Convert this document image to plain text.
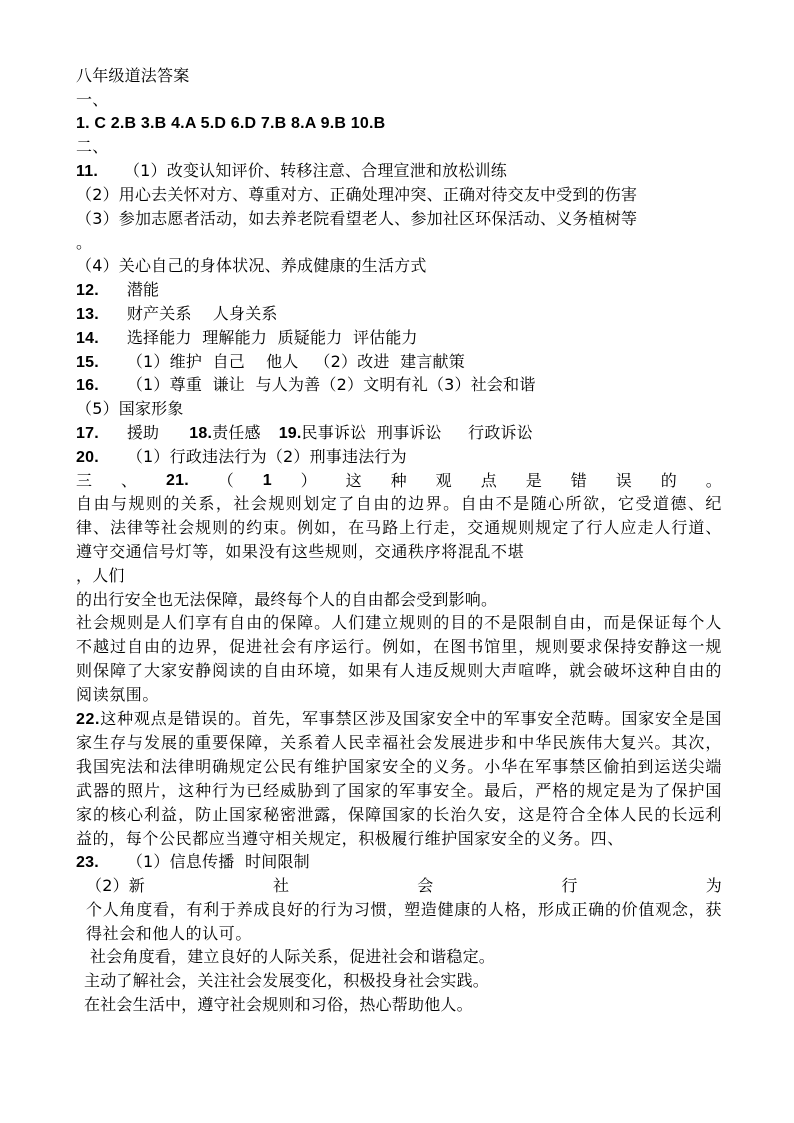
八年级道法答案
一、
1. C 2.B 3.B 4.A 5.D 6.D 7.B 8.A 9.B 10.B
二、
11. （1）改变认知评价、转移注意、合理宣泄和放松训练
（2）用心去关怀对方、尊重对方、正确处理冲突、正确对待交友中受到的伤害
（3）参加志愿者活动，如去养老院看望老人、参加社区环保活动、义务植树等
。
（4）关心自己的身体状况、养成健康的生活方式
12. 潜能
13. 财产关系    人身关系
14. 选择能力  理解能力  质疑能力  评估能力
15. （1）维护  自己    他人   （2）改进  建言献策
16. （1）尊重  谦让  与人为善（2）文明有礼（3）社会和谐
（5）国家形象
17. 援助 18.责任感 19.民事诉讼  刑事诉讼     行政诉讼
20. （1）行政违法行为（2）刑事违法行为
三 、 21. （ 1 ） 这 种 观 点 是 错 误 的 。
自由与规则的关系，社会规则划定了自由的边界。自由不是随心所欲，它受道德、纪律、法律等社会规则的约束。例如，在马路上行走，交通规则规定了行人应走人行道、遵守交通信号灯等，如果没有这些规则，交通秩序将混乱不堪
，人们
的出行安全也无法保障，最终每个人的自由都会受到影响。
社会规则是人们享有自由的保障。人们建立规则的目的不是限制自由，而是保证每个人不越过自由的边界，促进社会有序运行。例如，在图书馆里，规则要求保持安静这一规则保障了大家安静阅读的自由环境，如果有人违反规则大声喧哗，就会破坏这种自由的阅读氛围。
22.这种观点是错误的。首先，军事禁区涉及国家安全中的军事安全范畴。国家安全是国家生存与发展的重要保障，关系着人民幸福社会发展进步和中华民族伟大复兴。其次，我国宪法和法律明确规定公民有维护国家安全的义务。小华在军事禁区偷拍到运送尖端武器的照片，这种行为已经威胁到了国家的军事安全。最后，严格的规定是为了保护国家的核心利益，防止国家秘密泄露，保障国家的长治久安，这是符合全体人民的长远利益的，每个公民都应当遵守相关规定，积极履行维护国家安全的义务。四、
23. （1）信息传播  时间限制
（2）新	社	会	行	为
个人角度看，有利于养成良好的行为习惯，塑造健康的人格，形成正确的价值观念，获得社会和他人的认可。
社会角度看，建立良好的人际关系，促进社会和谐稳定。
主动了解社会，关注社会发展变化，积极投身社会实践。
在社会生活中，遵守社会规则和习俗，热心帮助他人。
